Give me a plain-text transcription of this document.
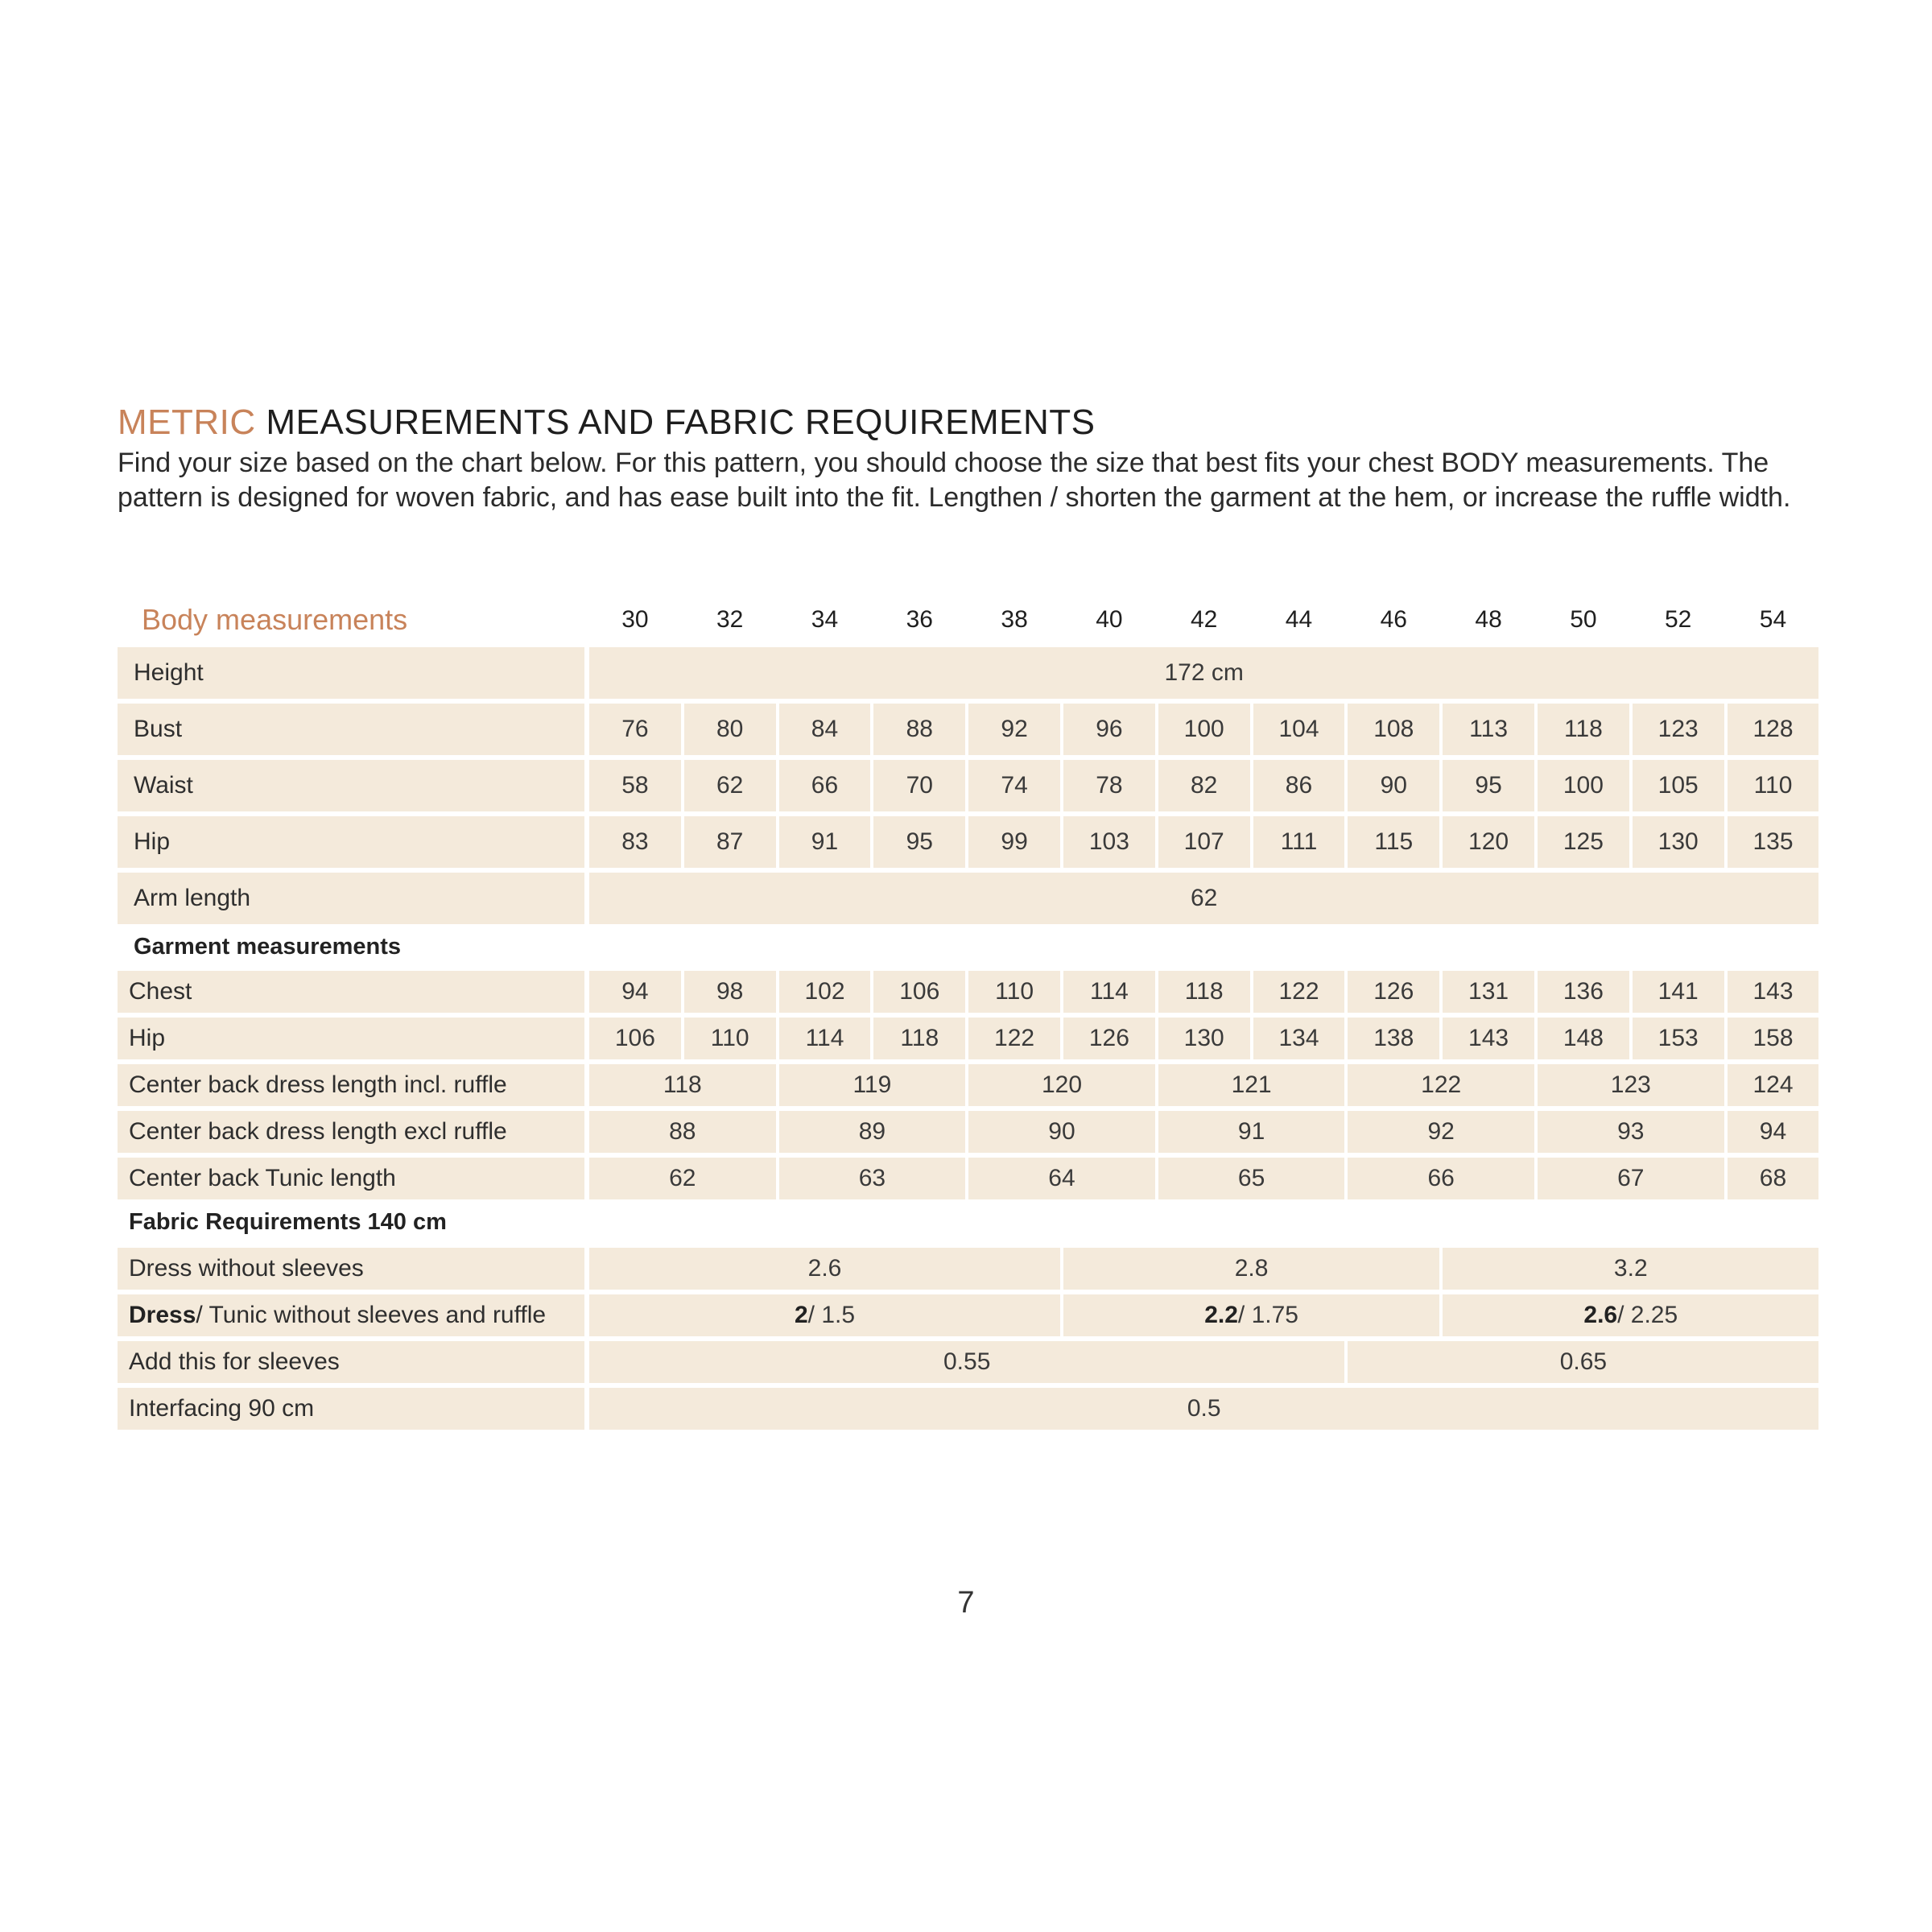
METRIC MEASUREMENTS AND FABRIC REQUIREMENTS

Find your size based on the chart below. For this pattern, you should choose the size that best fits your chest BODY measurements. The pattern is designed for woven fabric, and has ease built into the fit. Lengthen / shorten the garment at the hem, or increase the ruffle width.

Body measurements	30	32	34	36	38	40	42	44	46	48	50	52	54
Height	172 cm
Bust	76	80	84	88	92	96	100	104	108	113	118	123	128
Waist	58	62	66	70	74	78	82	86	90	95	100	105	110
Hip	83	87	91	95	99	103	107	111	115	120	125	130	135
Arm length	62
Garment measurements
Chest	94	98	102	106	110	114	118	122	126	131	136	141	143
Hip	106	110	114	118	122	126	130	134	138	143	148	153	158
Center back dress length incl. ruffle	118	119	120	121	122	123	124
Center back dress length excl ruffle	88	89	90	91	92	93	94
Center back Tunic length	62	63	64	65	66	67	68
Fabric Requirements 140 cm
Dress without sleeves	2.6	2.8	3.2
Dress / Tunic without sleeves and ruffle	2 / 1.5	2.2 / 1.75	2.6 / 2.25
Add this for sleeves	0.55	0.65
Interfacing 90 cm	0.5
7
